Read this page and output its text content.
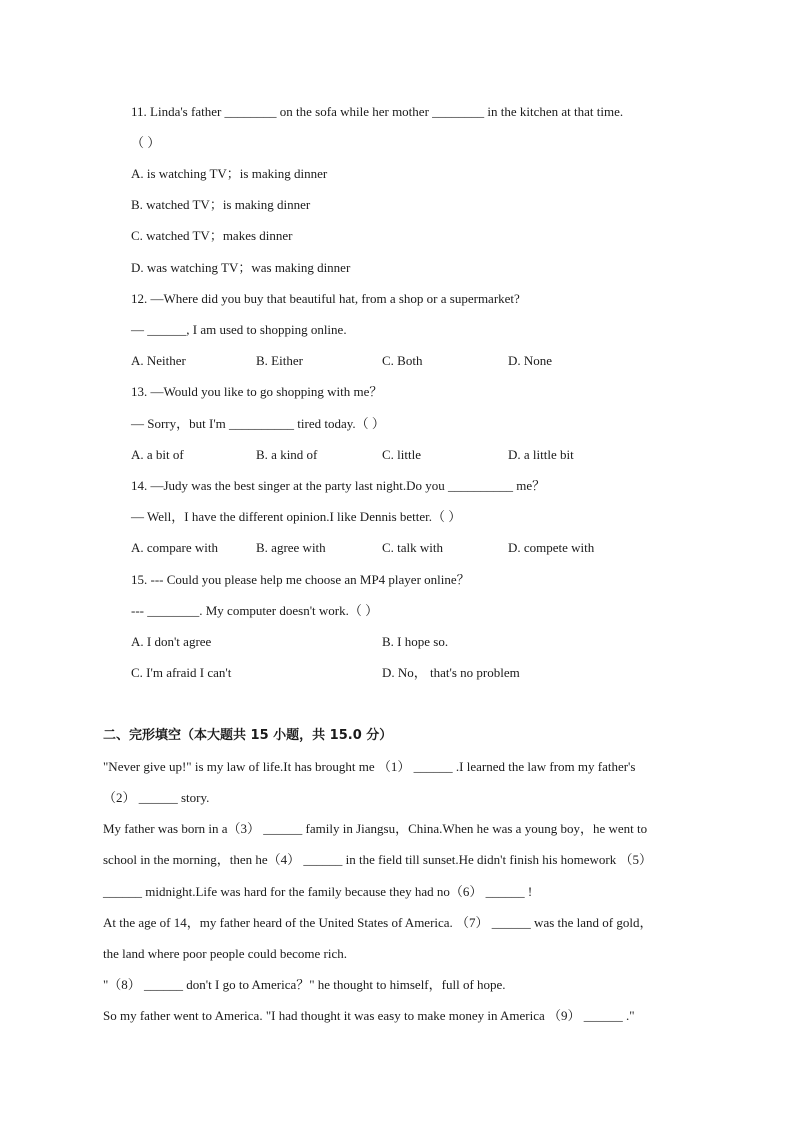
11. Linda's father ________ on the sofa while her mother ________ in the kitchen at that time.
（ ）
A. is watching TV；is making dinner
B. watched TV；is making dinner
C. watched TV；makes dinner
D. was watching TV；was making dinner
12. —Where did you buy that beautiful hat, from a shop or a supermarket?
— ______, I am used to shopping online.
A. Neither	B. Either	C. Both	D. None
13. —Would you like to go shopping with me？
— Sorry，but I'm __________ tired today.（ ）
A. a bit of	B. a kind of	C. little	D. a little bit
14. —Judy was the best singer at the party last night.Do you __________ me？
— Well，I have the different opinion.I like Dennis better.（ ）
A. compare with	B. agree with	C. talk with	D. compete with
15. --- Could you please help me choose an MP4 player online？
--- ________. My computer doesn't work.（ ）
A. I don't agree	B. I hope so.
C. I'm afraid I can't	D. No， that's no problem
二、完形填空（本大题共 15 小题，共 15.0 分）
"Never give up!" is my law of life.It has brought me （1） ______ .I learned the law from my father's
（2） ______ story.
My father was born in a（3） ______ family in Jiangsu，China.When he was a young boy，he went to
school in the morning，then he（4） ______ in the field till sunset.He didn't finish his homework （5）
______ midnight.Life was hard for the family because they had no（6） ______ !
At the age of 14，my father heard of the United States of America. （7） ______ was the land of gold，
the land where poor people could become rich.
"（8） ______ don't I go to America？" he thought to himself，full of hope.
So my father went to America. "I had thought it was easy to make money in America （9） ______ ."
